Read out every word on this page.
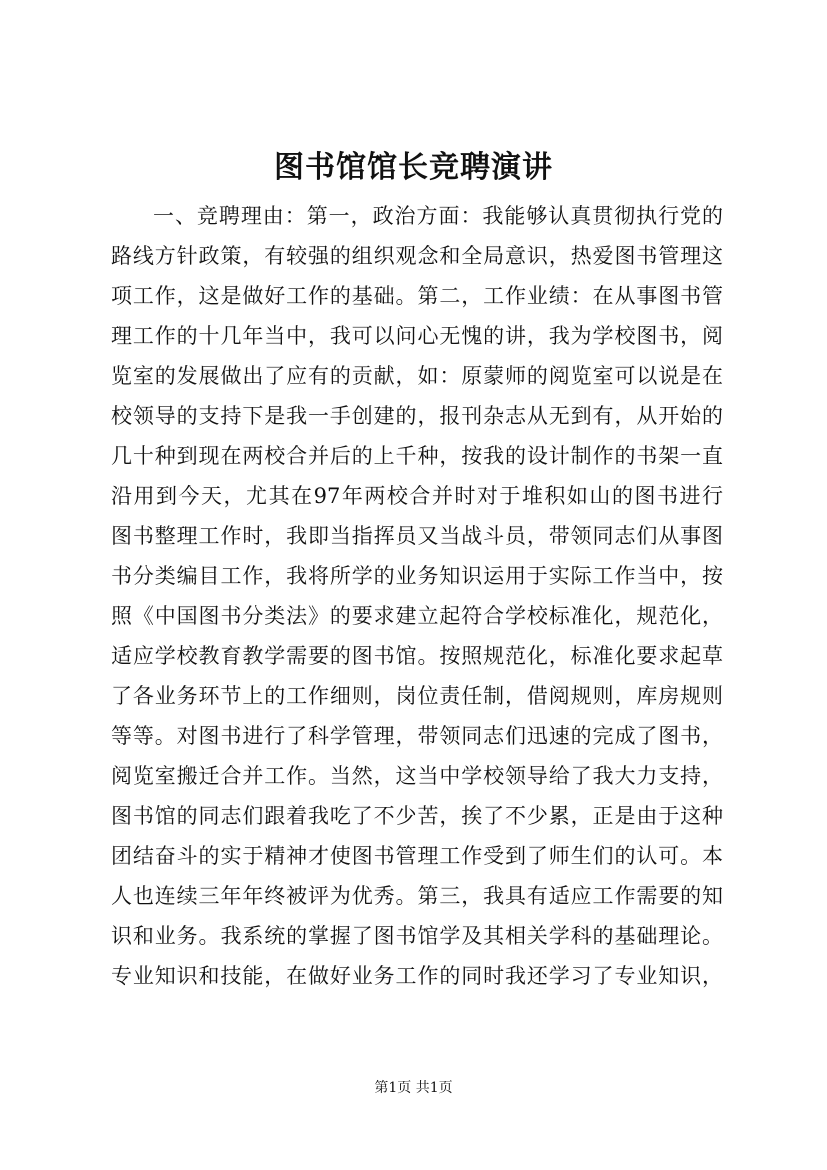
图书馆馆长竞聘演讲
一、竞聘理由：第一，政治方面：我能够认真贯彻执行党的
路线方针政策，有较强的组织观念和全局意识，热爱图书管理这
项工作，这是做好工作的基础。第二，工作业绩：在从事图书管
理工作的十几年当中，我可以问心无愧的讲，我为学校图书，阅
览室的发展做出了应有的贡献，如：原蒙师的阅览室可以说是在
校领导的支持下是我一手创建的，报刊杂志从无到有，从开始的
几十种到现在两校合并后的上千种，按我的设计制作的书架一直
沿用到今天，尤其在97年两校合并时对于堆积如山的图书进行
图书整理工作时，我即当指挥员又当战斗员，带领同志们从事图
书分类编目工作，我将所学的业务知识运用于实际工作当中，按
照《中国图书分类法》的要求建立起符合学校标准化，规范化，
适应学校教育教学需要的图书馆。按照规范化，标准化要求起草
了各业务环节上的工作细则，岗位责任制，借阅规则，库房规则
等等。对图书进行了科学管理，带领同志们迅速的完成了图书，
阅览室搬迁合并工作。当然，这当中学校领导给了我大力支持，
图书馆的同志们跟着我吃了不少苦，挨了不少累，正是由于这种
团结奋斗的实于精神才使图书管理工作受到了师生们的认可。本
人也连续三年年终被评为优秀。第三，我具有适应工作需要的知
识和业务。我系统的掌握了图书馆学及其相关学科的基础理论。
专业知识和技能，在做好业务工作的同时我还学习了专业知识，
第1页 共1页
